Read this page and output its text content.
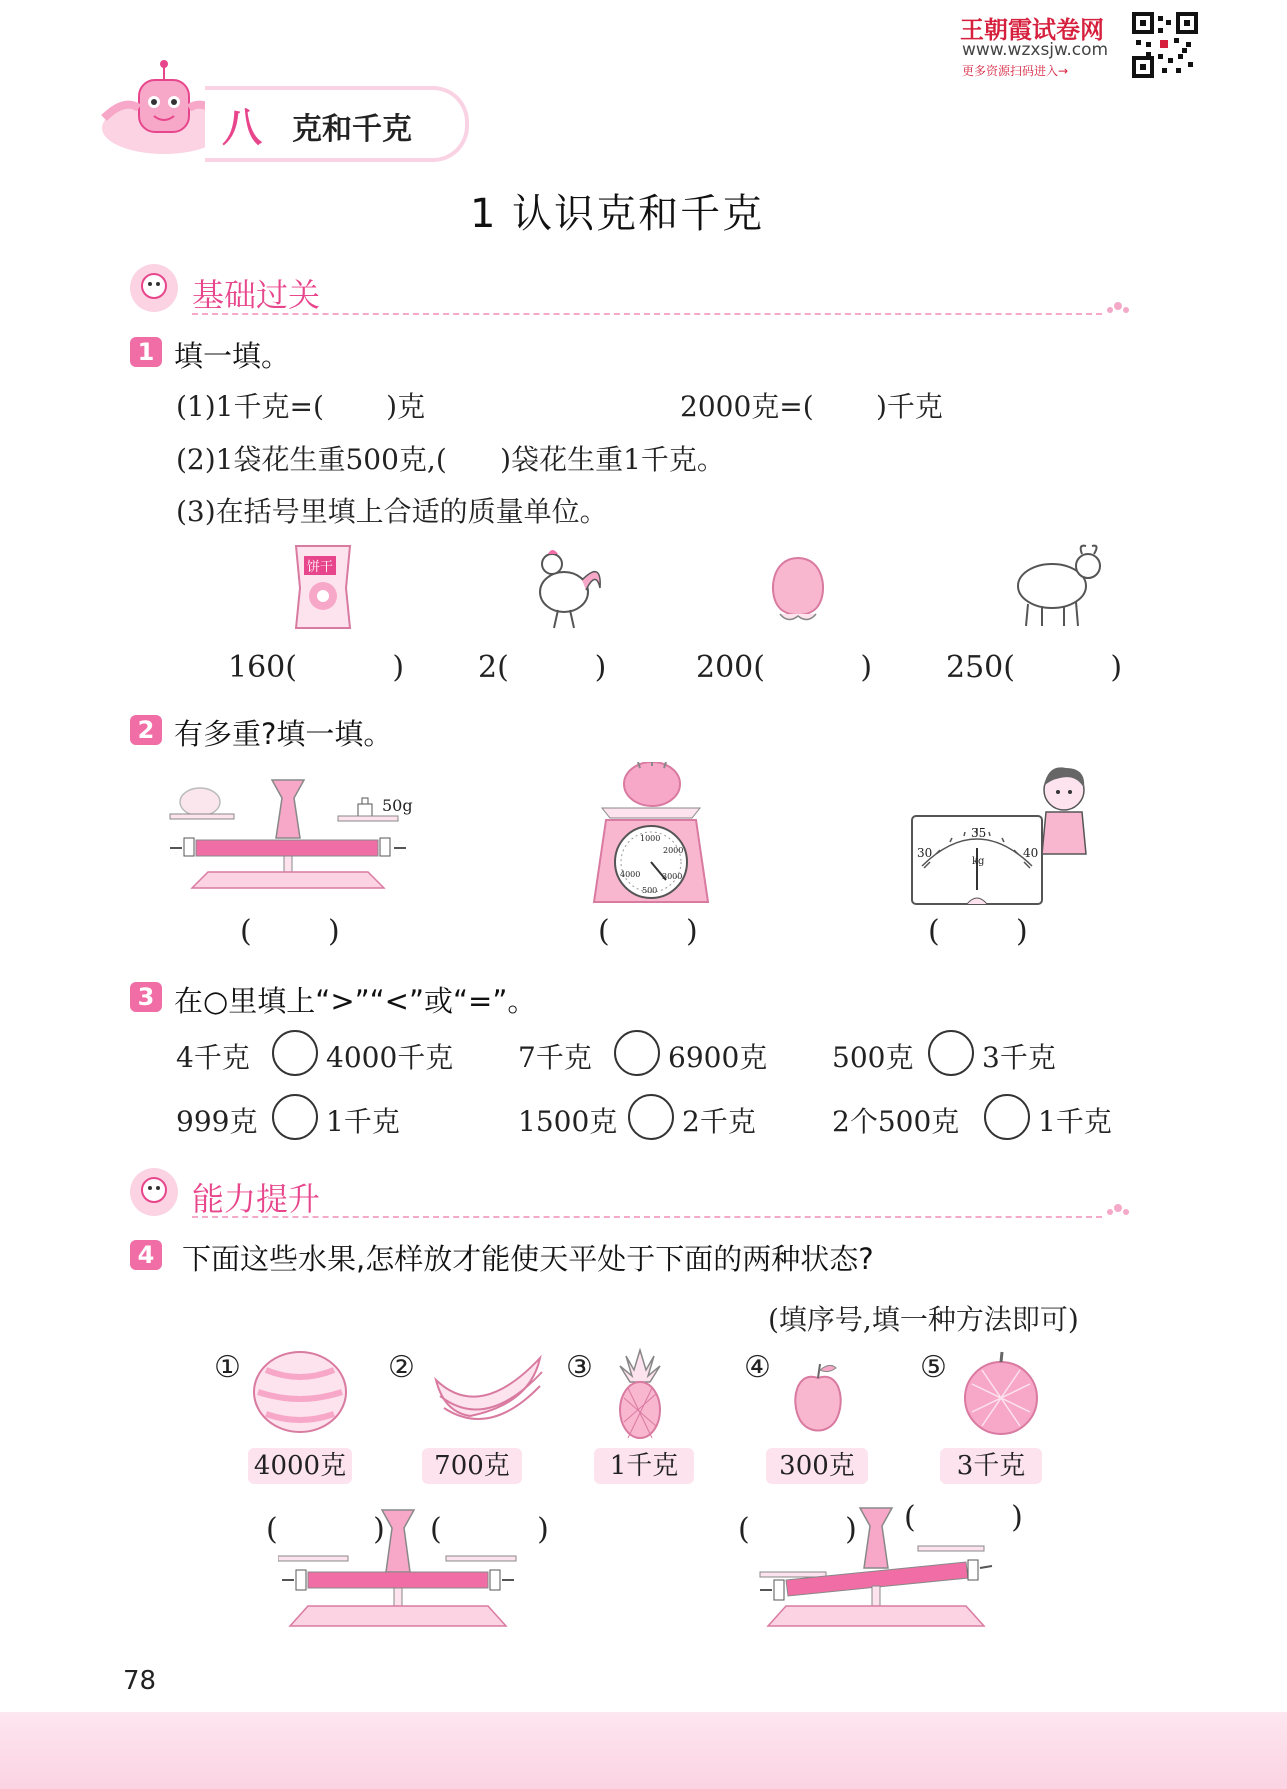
王朝霞试卷网
www.wzxsjw.com
更多资源扫码进入→
八 克和千克
1 认识克和千克
基础过关
1 填一填。
(1)1千克=(       )克	2000克=(       )千克
(2)1袋花生重500克,(      )袋花生重1千克。
(3)在括号里填上合适的质量单位。
饼干
160(          ) 2(         )	200(          ) 250(          )
2 有多重?填一填。
50g
1000
2000
3000
4000
500
30
35
40
kg
(        )	(        )	(        )
3 在○里填上“>”“<”或“=”。
4千克	4000千克 7千克	6900克 500克 3千克
999克 1千克	1500克 2千克	2个500克	1千克
能力提升
4 下面这些水果,怎样放才能使天平处于下面的两种状态?
(填序号,填一种方法即可)
①
4000克
②
700克
③
1千克
④
300克
⑤
3千克
(          ) (          )	(          ) (          )
78
